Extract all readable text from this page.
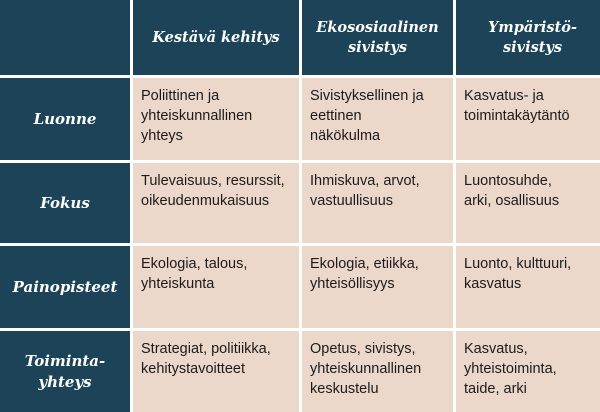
Kestävä kehitys
Ekososiaalinen
sivistys
Ympäristö-
sivistys
Luonne
Poliittinen ja
yhteiskunnallinen
yhteys
Sivistyksellinen ja
eettinen
näkökulma
Kasvatus- ja
toimintakäytäntö
Fokus
Tulevaisuus, resurssit,
oikeudenmukaisuus
Ihmiskuva, arvot,
vastuullisuus
Luontosuhde,
arki, osallisuus
Painopisteet
Ekologia, talous,
yhteiskunta
Ekologia, etiikka,
yhteisöllisyys
Luonto, kulttuuri,
kasvatus
Toiminta-
yhteys
Strategiat, politiikka,
kehitystavoitteet
Opetus, sivistys,
yhteiskunnallinen
keskustelu
Kasvatus,
yhteistoiminta,
taide, arki
